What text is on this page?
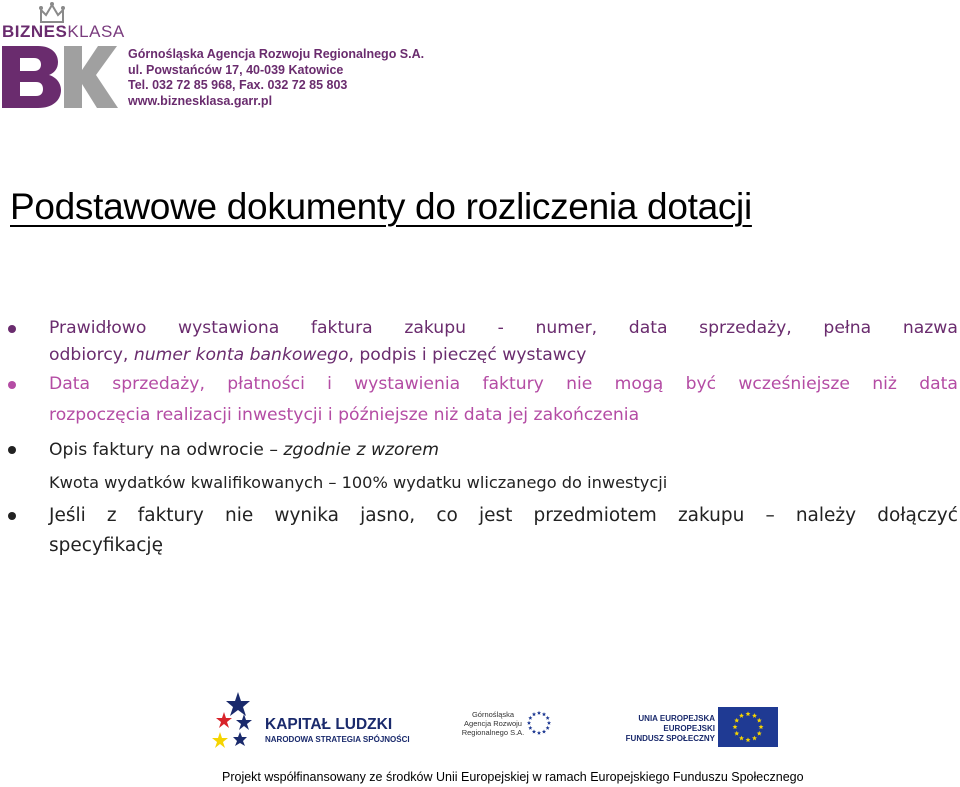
BIZNESKLASA
Górnośląska Agencja Rozwoju Regionalnego S.A.
ul. Powstańców 17, 40-039 Katowice
Tel. 032 72 85 968, Fax. 032 72 85 803
www.biznesklasa.garr.pl
Podstawowe dokumenty do rozliczenia dotacji
Prawidłowo wystawiona faktura zakupu - numer, data sprzedaży, pełna nazwa
odbiorcy, numer konta bankowego, podpis i pieczęć wystawcy
Data sprzedaży, płatności i wystawienia faktury nie mogą być wcześniejsze niż data
rozpoczęcia realizacji inwestycji i późniejsze niż data jej zakończenia
Opis faktury na odwrocie – zgodnie z wzorem
Kwota wydatków kwalifikowanych – 100% wydatku wliczanego do inwestycji
Jeśli z faktury nie wynika jasno, co jest przedmiotem zakupu – należy dołączyć
specyfikację
KAPITAŁ LUDZKI
NARODOWA STRATEGIA SPÓJNOŚCI
Górnośląska
Agencja Rozwoju
Regionalnego S.A.
UNIA EUROPEJSKA
EUROPEJSKI
FUNDUSZ SPOŁECZNY
Projekt współfinansowany ze środków Unii Europejskiej w ramach Europejskiego Funduszu Społecznego
